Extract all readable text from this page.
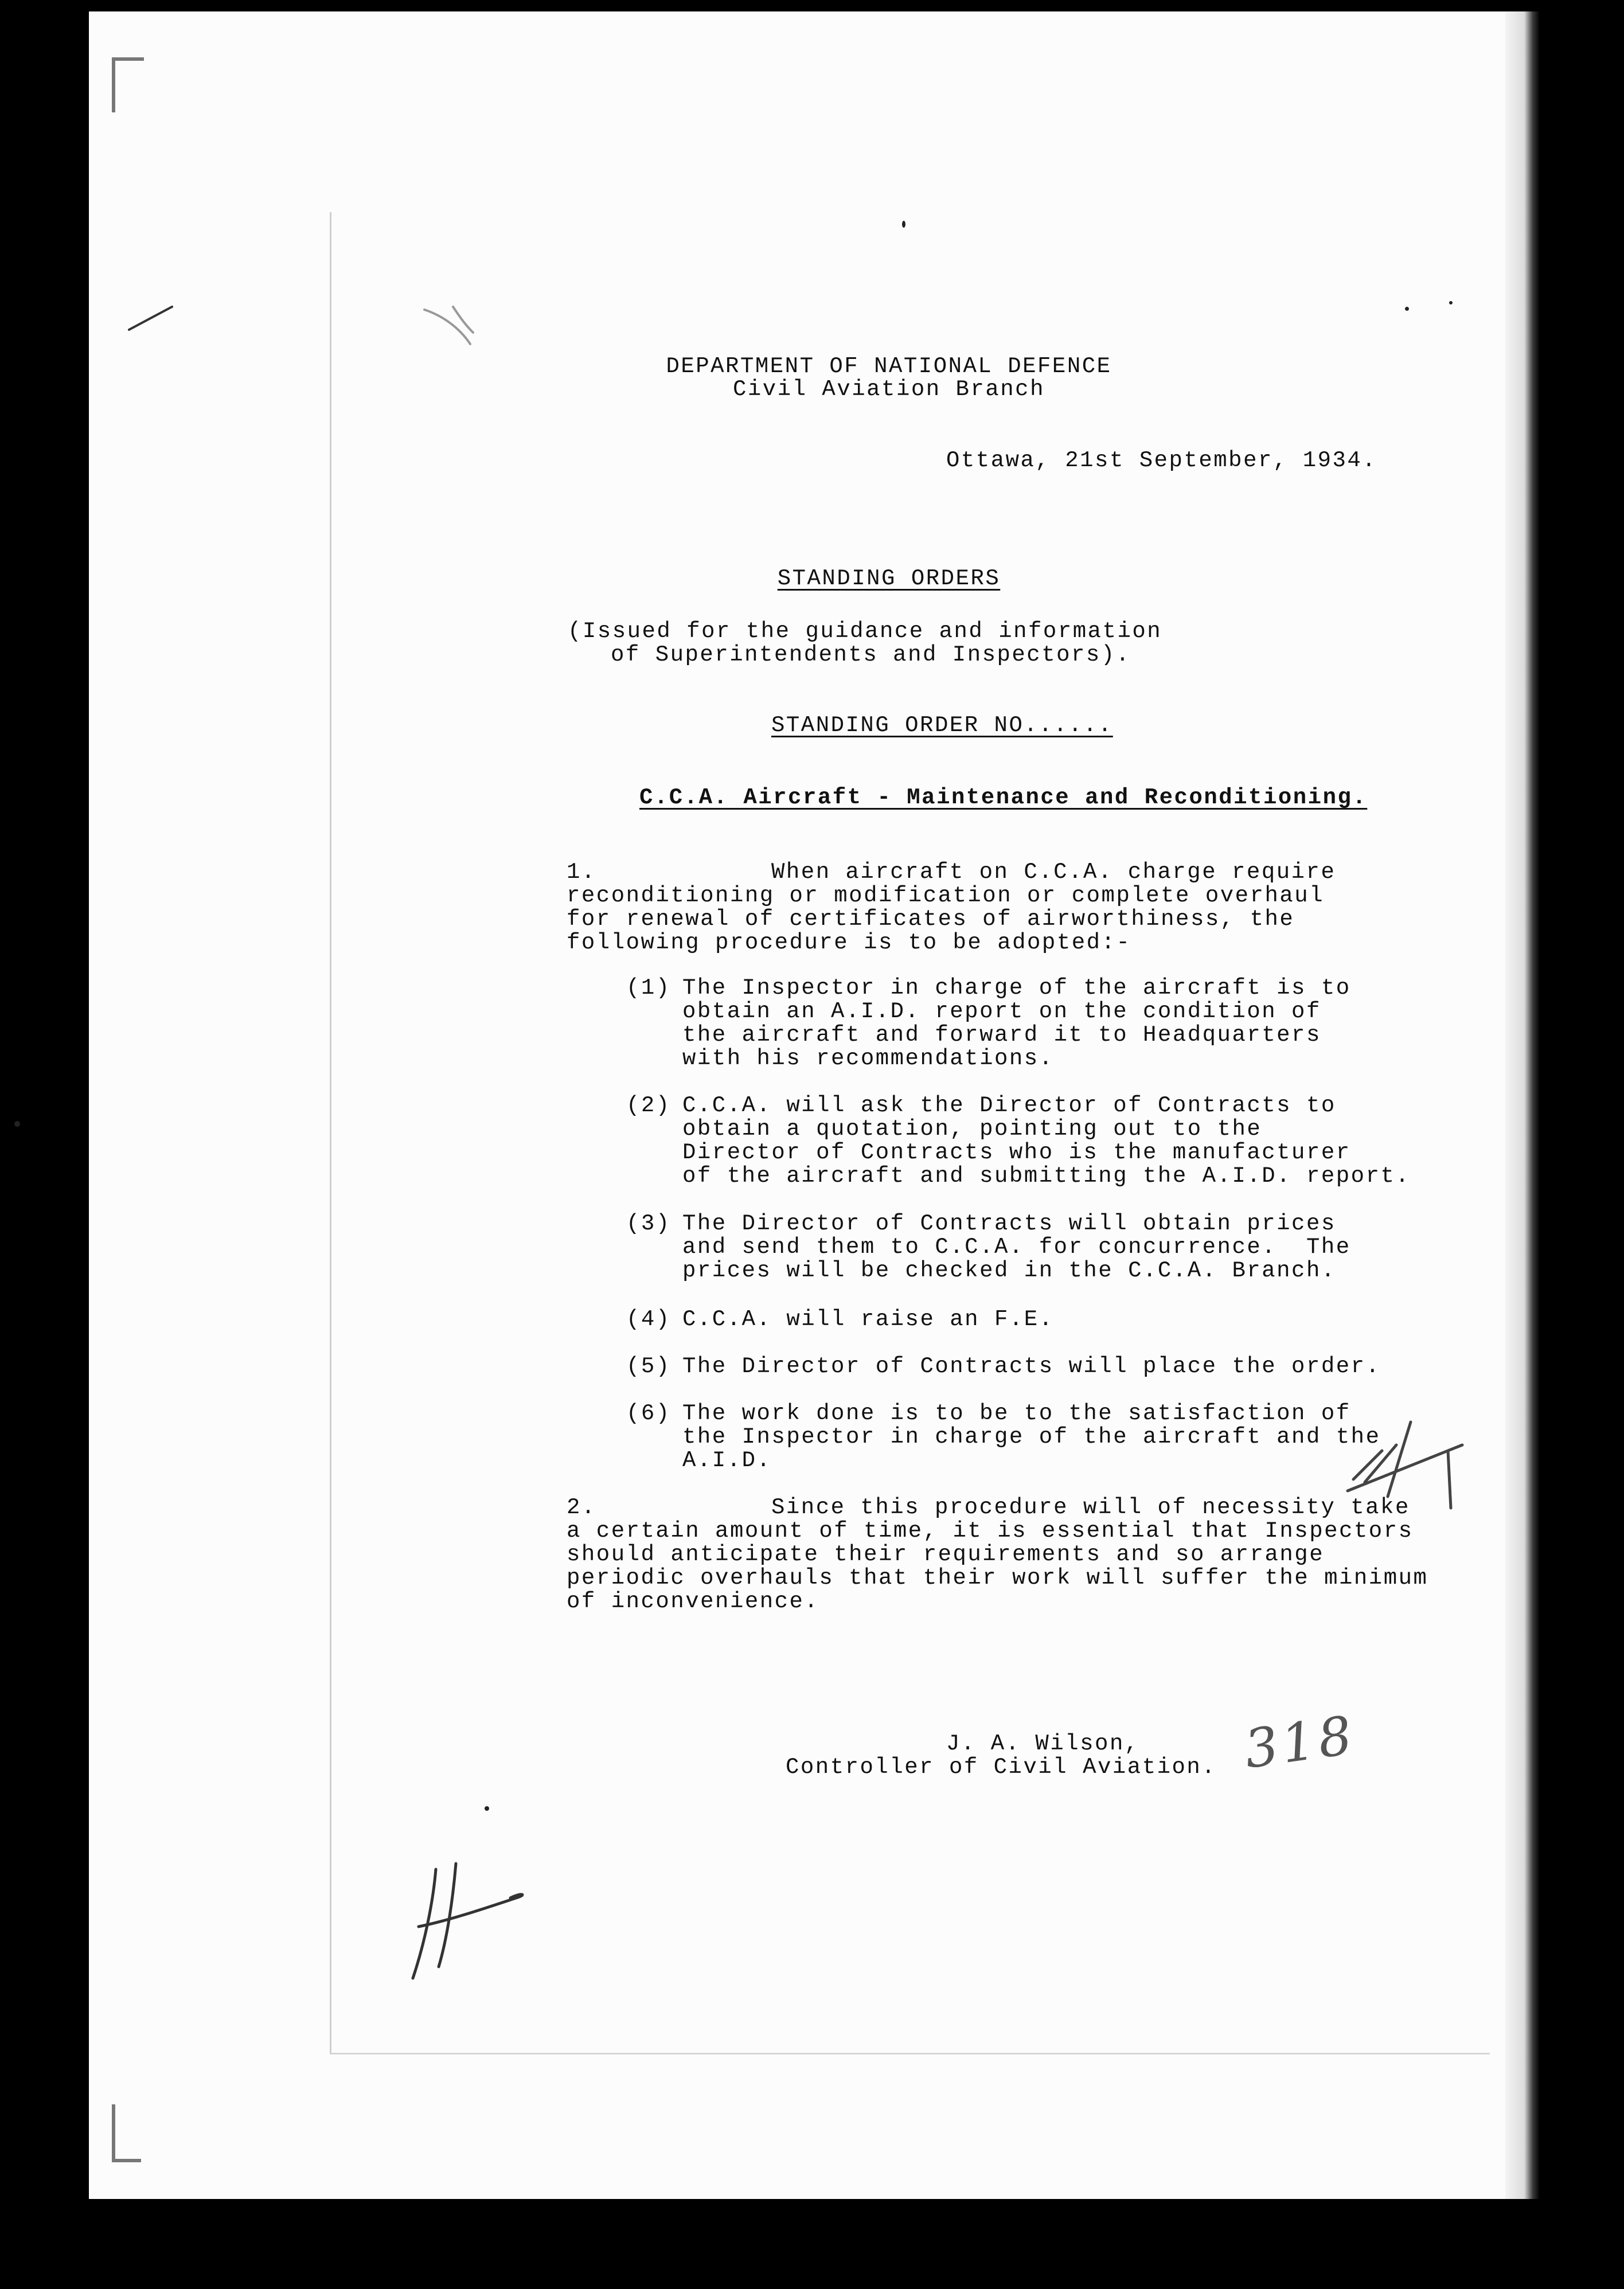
DEPARTMENT OF NATIONAL DEFENCE
Civil Aviation Branch
Ottawa, 21st September, 1934.
STANDING ORDERS
(Issued for the guidance and information
of Superintendents and Inspectors).
STANDING ORDER NO......
C.C.A. Aircraft - Maintenance and Reconditioning.
1.	When aircraft on C.C.A. charge require
reconditioning or modification or complete overhaul
for renewal of certificates of airworthiness, the
following procedure is to be adopted:-
(1) The Inspector in charge of the aircraft is to
obtain an A.I.D. report on the condition of
the aircraft and forward it to Headquarters
with his recommendations.
(2) C.C.A. will ask the Director of Contracts to
obtain a quotation, pointing out to the
Director of Contracts who is the manufacturer
of the aircraft and submitting the A.I.D. report.
(3) The Director of Contracts will obtain prices
and send them to C.C.A. for concurrence.  The
prices will be checked in the C.C.A. Branch.
(4) C.C.A. will raise an F.E.
(5) The Director of Contracts will place the order.
(6) The work done is to be to the satisfaction of
the Inspector in charge of the aircraft and the
A.I.D.
2.	Since this procedure will of necessity take
a certain amount of time, it is essential that Inspectors
should anticipate their requirements and so arrange
periodic overhauls that their work will suffer the minimum
of inconvenience.
J. A. Wilson,
Controller of Civil Aviation. 318
